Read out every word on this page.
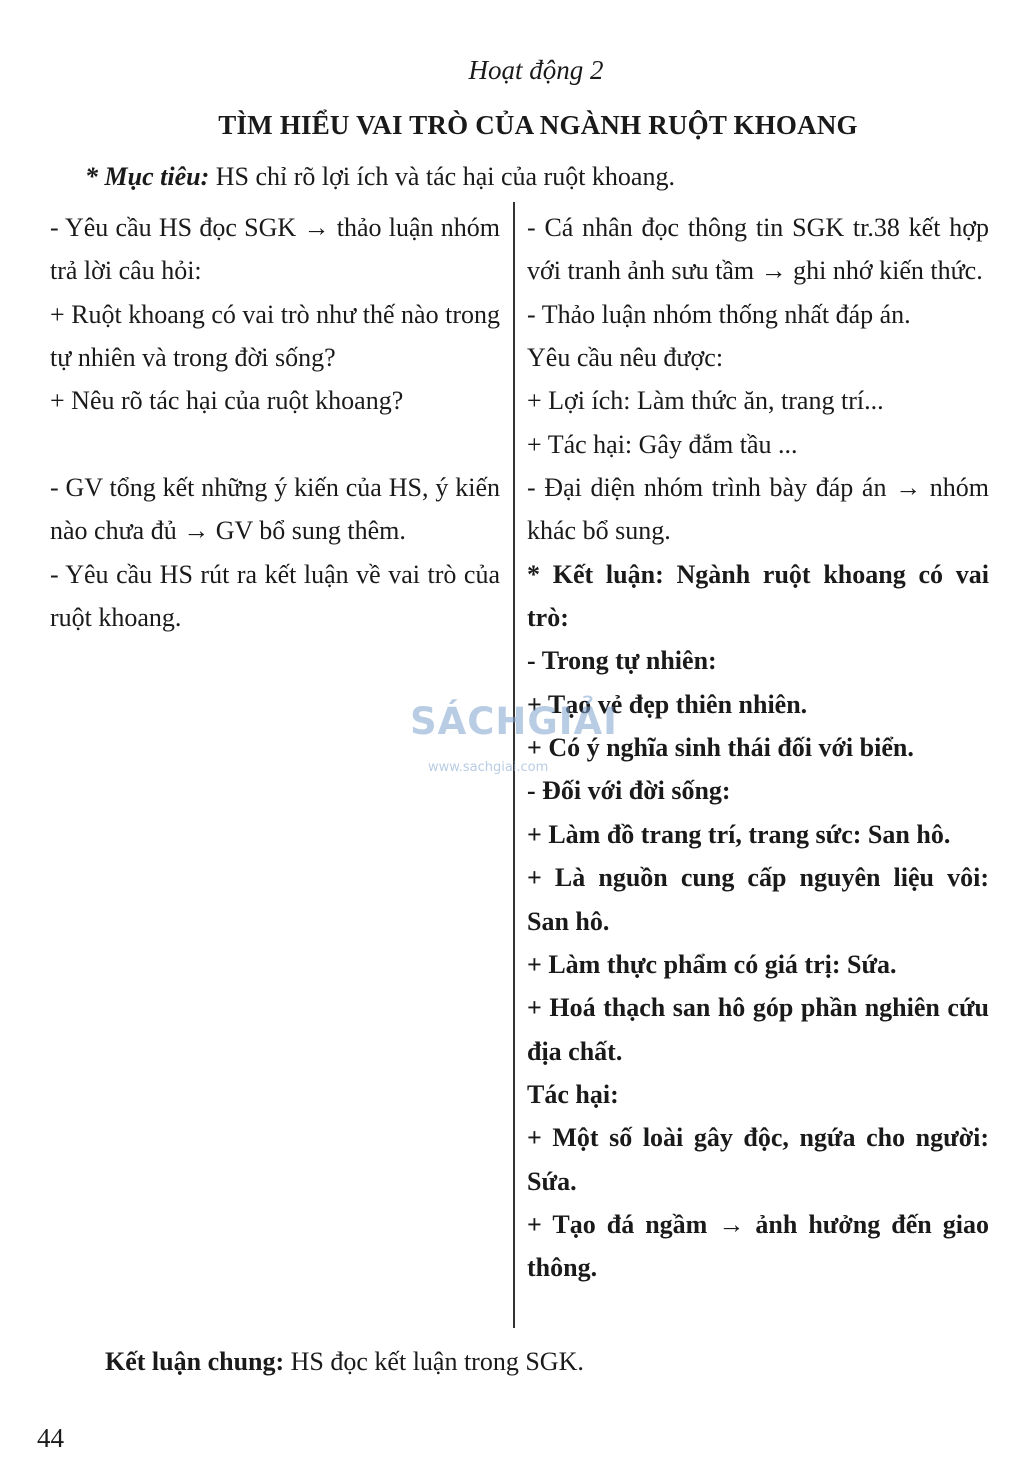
Hoạt động 2
TÌM HIỂU VAI TRÒ CỦA NGÀNH RUỘT KHOANG
* Mục tiêu: HS chỉ rõ lợi ích và tác hại của ruột khoang.

- Yêu cầu HS đọc SGK → thảo luận nhóm trả lời câu hỏi:

+ Ruột khoang có vai trò như thế nào trong tự nhiên và trong đời sống?

+ Nêu rõ tác hại của ruột khoang?

- GV tổng kết những ý kiến của HS, ý kiến nào chưa đủ → GV bổ sung thêm.

- Yêu cầu HS rút ra kết luận về vai trò của ruột khoang.

- Cá nhân đọc thông tin SGK tr.38 kết hợp với tranh ảnh sưu tầm → ghi nhớ kiến thức.

- Thảo luận nhóm thống nhất đáp án.

Yêu cầu nêu được:

+ Lợi ích: Làm thức ăn, trang trí...

+ Tác hại: Gây đắm tầu ...

- Đại diện nhóm trình bày đáp án → nhóm khác bổ sung.

* Kết luận: Ngành ruột khoang có vai trò:

- Trong tự nhiên:

+ Tạo vẻ đẹp thiên nhiên.

+ Có ý nghĩa sinh thái đối với biển.

- Đối với đời sống:

+ Làm đồ trang trí, trang sức: San hô.

+ Là nguồn cung cấp nguyên liệu vôi: San hô.

+ Làm thực phẩm có giá trị: Sứa.

+ Hoá thạch san hô góp phần nghiên cứu địa chất.

Tác hại:

+ Một số loài gây độc, ngứa cho người: Sứa.

+ Tạo đá ngầm → ảnh hưởng đến giao thông.

SÁCHGIẢI
www.sachgiai.com
Kết luận chung: HS đọc kết luận trong SGK.
44
